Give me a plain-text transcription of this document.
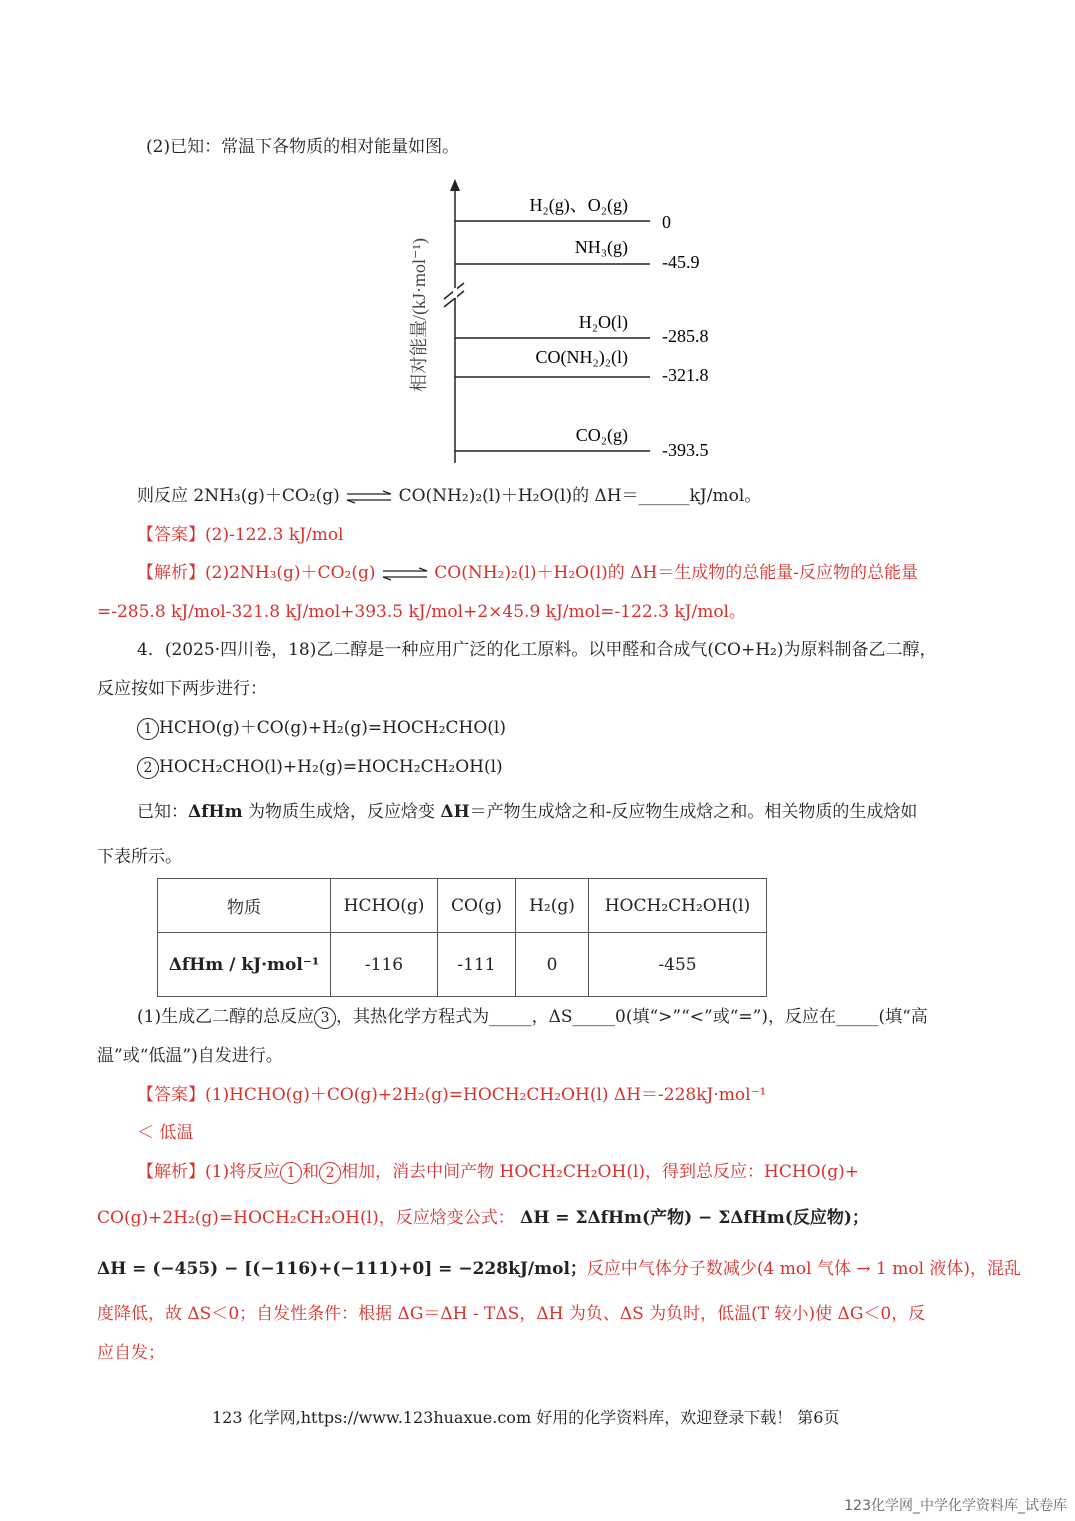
(2)已知：常温下各物质的相对能量如图。
相对能量/(kJ·mol⁻¹)
H₂(g)、O₂(g)
0
NH₃(g)
-45.9
H₂O(l)
-285.8
CO(NH₂)₂(l)
-321.8
CO₂(g)
-393.5
则反应 2NH₃(g)＋CO₂(g) ⇌ CO(NH₂)₂(l)＋H₂O(l)的 ΔH＝______kJ/mol。
【答案】(2)-122.3 kJ/mol
【解析】(2)2NH₃(g)＋CO₂(g) ⇌ CO(NH₂)₂(l)＋H₂O(l)的 ΔH＝生成物的总能量-反应物的总能量
=-285.8 kJ/mol-321.8 kJ/mol+393.5 kJ/mol+2×45.9 kJ/mol=-122.3 kJ/mol。
4．(2025·四川卷，18)乙二醇是一种应用广泛的化工原料。以甲醛和合成气(CO+H₂)为原料制备乙二醇，
反应按如下两步进行：
1 HCHO(g)＋CO(g)+H₂(g)=HOCH₂CHO(l)
2 HOCH₂CHO(l)+H₂(g)=HOCH₂CH₂OH(l)
已知：ΔfHm 为物质生成焓，反应焓变 ΔH＝产物生成焓之和-反应物生成焓之和。相关物质的生成焓如
下表所示。
物质	HCHO(g)	CO(g)	H₂(g)	HOCH₂CH₂OH(l)
ΔfHm / kJ·mol⁻¹	-116	-111	0	-455
(1)生成乙二醇的总反应 3 ，其热化学方程式为_____，ΔS_____0(填“>”“<”或“=”)，反应在_____(填“高
温”或“低温”)自发进行。
【答案】(1)HCHO(g)＋CO(g)+2H₂(g)=HOCH₂CH₂OH(l) ΔH＝-228kJ·mol⁻¹
＜ 低温
【解析】(1)将反应 1 和 2 相加，消去中间产物 HOCH₂CH₂OH(l)，得到总反应：HCHO(g)+
CO(g)+2H₂(g)=HOCH₂CH₂OH(l)，反应焓变公式： ΔH = ΣΔfHm(产物) − ΣΔfHm(反应物)；
ΔH = (−455) − [(−116)+(−111)+0] = −228kJ/mol；反应中气体分子数减少(4 mol 气体 → 1 mol 液体)，混乱
度降低，故 ΔS＜0；自发性条件：根据 ΔG＝ΔH - TΔS，ΔH 为负、ΔS 为负时，低温(T 较小)使 ΔG＜0，反
应自发；
123 化学网,https://www.123huaxue.com 好用的化学资料库，欢迎登录下载！ 第6页
123化学网_中学化学资料库_试卷库
